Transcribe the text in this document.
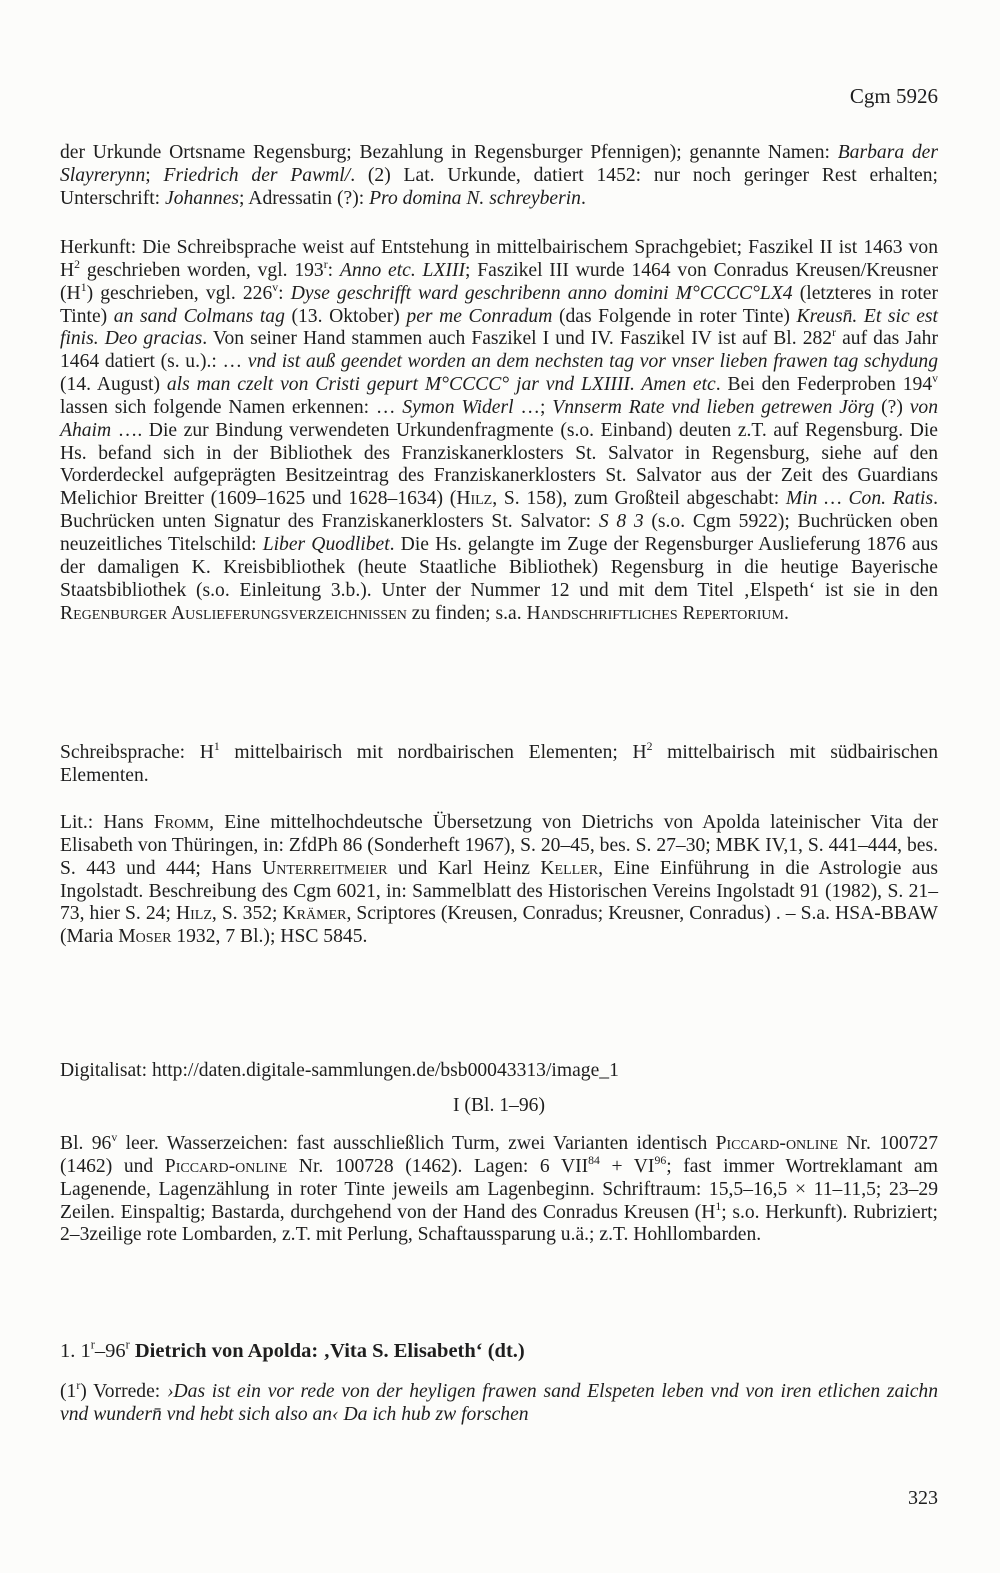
Cgm 5926
der Urkunde Ortsname Regensburg; Bezahlung in Regensburger Pfennigen); genannte Namen: Barbara der Slayrerynn; Friedrich der Pawml/. (2) Lat. Urkunde, datiert 1452: nur noch geringer Rest erhalten; Unterschrift: Johannes; Adressatin (?): Pro domina N. schreyberin.
Herkunft: Die Schreibsprache weist auf Entstehung in mittelbairischem Sprachgebiet; Faszikel II ist 1463 von $H^2$ geschrieben worden, vgl. 193$^r$: Anno etc. LXIII; Faszikel III wurde 1464 von Conradus Kreusen/Kreusner $(H^1)$ geschrieben, vgl. 226$^v$: Dyse geschrifft ward geschribenn anno domini M°CCCC°LX4 (letzteres in roter Tinte) an sand Colmans tag (13. Oktober) per me Conradum (das Folgende in roter Tinte) Kreusn̄. Et sic est finis. Deo gracias. Von seiner Hand stammen auch Faszikel I und IV. Faszikel IV ist auf Bl. 282$^r$ auf das Jahr 1464 datiert (s. u.).: … vnd ist auß geendet worden an dem nechsten tag vor vnser lieben frawen tag schydung (14. August) als man czelt von Cristi gepurt M°CCCC° jar vnd LXIIII. Amen etc. Bei den Federproben 194$^v$ lassen sich folgende Namen erkennen: … Symon Widerl …; Vnnserm Rate vnd lieben getrewen Jörg (?) von Ahaim …. Die zur Bindung verwendeten Urkundenfragmente (s.o. Einband) deuten z.T. auf Regensburg. Die Hs. befand sich in der Bibliothek des Franziskanerklosters St. Salvator in Regensburg, siehe auf den Vorderdeckel aufgeprägten Besitzeintrag des Franziskanerklosters St. Salvator aus der Zeit des Guardians Melichior Breitter (1609–1625 und 1628–1634) (Hilz, S. 158), zum Großteil abgeschabt: Min … Con. Ratis. Buchrücken unten Signatur des Franziskanerklosters St. Salvator: S 8 3 (s.o. Cgm 5922); Buchrücken oben neuzeitliches Titelschild: Liber Quodlibet. Die Hs. gelangte im Zuge der Regensburger Auslieferung 1876 aus der damaligen K. Kreisbibliothek (heute Staatliche Bibliothek) Regensburg in die heutige Bayerische Staatsbibliothek (s.o. Einleitung 3.b.). Unter der Nummer 12 und mit dem Titel ‚Elspeth‘ ist sie in den Regenburger Auslieferungsverzeichnissen zu finden; s.a. Handschriftliches Repertorium.
Schreibsprache: $H^1$ mittelbairisch mit nordbairischen Elementen; $H^2$ mittelbairisch mit südbairischen Elementen.
Lit.: Hans Fromm, Eine mittelhochdeutsche Übersetzung von Dietrichs von Apolda lateinischer Vita der Elisabeth von Thüringen, in: ZfdPh 86 (Sonderheft 1967), S. 20–45, bes. S. 27–30; MBK IV,1, S. 441–444, bes. S. 443 und 444; Hans Unterreitmeier und Karl Heinz Keller, Eine Einführung in die Astrologie aus Ingolstadt. Beschreibung des Cgm 6021, in: Sammelblatt des Historischen Vereins Ingolstadt 91 (1982), S. 21–73, hier S. 24; Hilz, S. 352; Krämer, Scriptores (Kreusen, Conradus; Kreusner, Conradus) . – S.a. HSA-BBAW (Maria Moser 1932, 7 Bl.); HSC 5845.
Digitalisat: http://daten.digitale-sammlungen.de/bsb00043313/image_1
I (Bl. 1–96)
Bl. 96$^v$ leer. Wasserzeichen: fast ausschließlich Turm, zwei Varianten identisch Piccard-online Nr. 100727 (1462) und Piccard-online Nr. 100728 (1462). Lagen: 6 $VII^{84} + VI^{96}$; fast immer Wortreklamant am Lagenende, Lagenzählung in roter Tinte jeweils am Lagenbeginn. Schriftraum: 15,5–16,5 × 11–11,5; 23–29 Zeilen. Einspaltig; Bastarda, durchgehend von der Hand des Conradus Kreusen ($H^1$; s.o. Herkunft). Rubriziert; 2–3zeilige rote Lombarden, z.T. mit Perlung, Schaftaussparung u.ä.; z.T. Hohllombarden.
1. 1$^r$–96$^r$ Dietrich von Apolda: ‚Vita S. Elisabeth‘ (dt.)
(1$^r$) Vorrede: ›Das ist ein vor rede von der heyligen frawen sand Elspeten leben vnd von iren etlichen zaichn vnd wundern̄ vnd hebt sich also an‹ Da ich hub zw forschen
323
